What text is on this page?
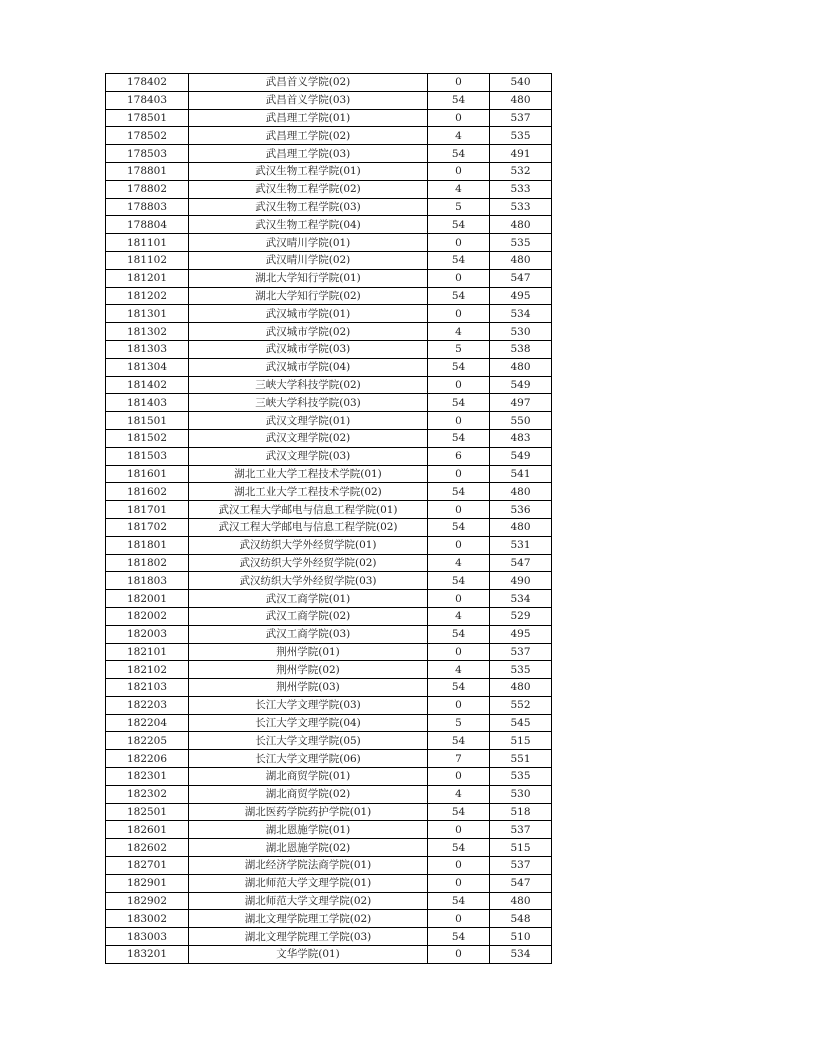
178402	武昌首义学院(02)	0	540
178403	武昌首义学院(03)	54	480
178501	武昌理工学院(01)	0	537
178502	武昌理工学院(02)	4	535
178503	武昌理工学院(03)	54	491
178801	武汉生物工程学院(01)	0	532
178802	武汉生物工程学院(02)	4	533
178803	武汉生物工程学院(03)	5	533
178804	武汉生物工程学院(04)	54	480
181101	武汉晴川学院(01)	0	535
181102	武汉晴川学院(02)	54	480
181201	湖北大学知行学院(01)	0	547
181202	湖北大学知行学院(02)	54	495
181301	武汉城市学院(01)	0	534
181302	武汉城市学院(02)	4	530
181303	武汉城市学院(03)	5	538
181304	武汉城市学院(04)	54	480
181402	三峡大学科技学院(02)	0	549
181403	三峡大学科技学院(03)	54	497
181501	武汉文理学院(01)	0	550
181502	武汉文理学院(02)	54	483
181503	武汉文理学院(03)	6	549
181601	湖北工业大学工程技术学院(01)	0	541
181602	湖北工业大学工程技术学院(02)	54	480
181701	武汉工程大学邮电与信息工程学院(01)	0	536
181702	武汉工程大学邮电与信息工程学院(02)	54	480
181801	武汉纺织大学外经贸学院(01)	0	531
181802	武汉纺织大学外经贸学院(02)	4	547
181803	武汉纺织大学外经贸学院(03)	54	490
182001	武汉工商学院(01)	0	534
182002	武汉工商学院(02)	4	529
182003	武汉工商学院(03)	54	495
182101	荆州学院(01)	0	537
182102	荆州学院(02)	4	535
182103	荆州学院(03)	54	480
182203	长江大学文理学院(03)	0	552
182204	长江大学文理学院(04)	5	545
182205	长江大学文理学院(05)	54	515
182206	长江大学文理学院(06)	7	551
182301	湖北商贸学院(01)	0	535
182302	湖北商贸学院(02)	4	530
182501	湖北医药学院药护学院(01)	54	518
182601	湖北恩施学院(01)	0	537
182602	湖北恩施学院(02)	54	515
182701	湖北经济学院法商学院(01)	0	537
182901	湖北师范大学文理学院(01)	0	547
182902	湖北师范大学文理学院(02)	54	480
183002	湖北文理学院理工学院(02)	0	548
183003	湖北文理学院理工学院(03)	54	510
183201	文华学院(01)	0	534
